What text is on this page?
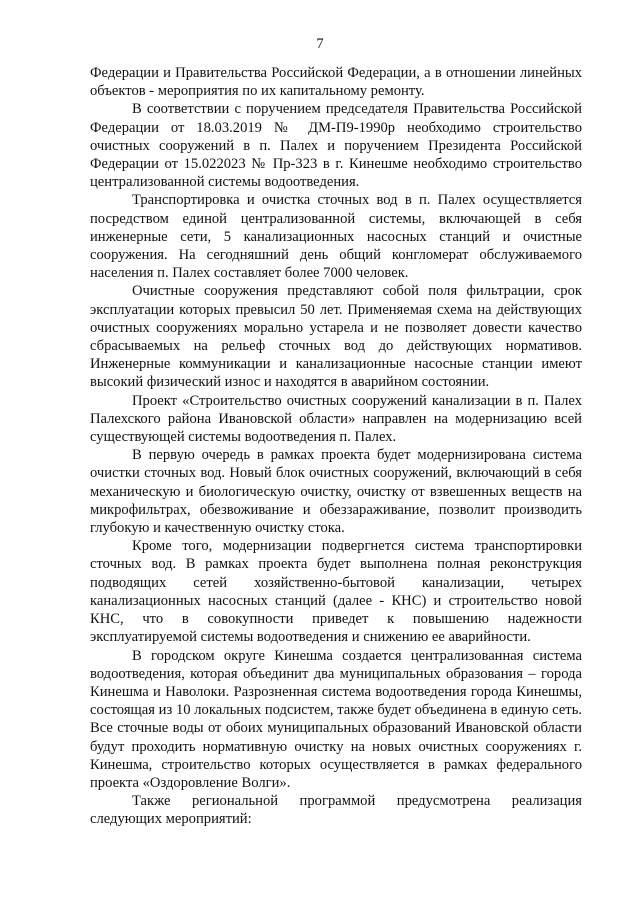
7

Федерации и Правительства Российской Федерации, а в отношении линейных объектов - мероприятия по их капитальному ремонту.

В соответствии с поручением председателя Правительства Российской Федерации от 18.03.2019 № ДМ-П9-1990р необходимо строительство очистных сооружений в п. Палех и поручением Президента Российской Федерации от 15.022023 № Пр-323 в г. Кинешме необходимо строительство централизованной системы водоотведения.

Транспортировка и очистка сточных вод в п. Палех осуществляется посредством единой централизованной системы, включающей в себя инженерные сети, 5 канализационных насосных станций и очистные сооружения. На сегодняшний день общий конгломерат обслуживаемого населения п. Палех составляет более 7000 человек.

Очистные сооружения представляют собой поля фильтрации, срок эксплуатации которых превысил 50 лет. Применяемая схема на действующих очистных сооружениях морально устарела и не позволяет довести качество сбрасываемых на рельеф сточных вод до действующих нормативов. Инженерные коммуникации и канализационные насосные станции имеют высокий физический износ и находятся в аварийном состоянии.

Проект «Строительство очистных сооружений канализации в п. Палех Палехского района Ивановской области» направлен на модернизацию всей существующей системы водоотведения п. Палех.

В первую очередь в рамках проекта будет модернизирована система очистки сточных вод. Новый блок очистных сооружений, включающий в себя механическую и биологическую очистку, очистку от взвешенных веществ на микрофильтрах, обезвоживание и обеззараживание, позволит производить глубокую и качественную очистку стока.

Кроме того, модернизации подвергнется система транспортировки сточных вод. В рамках проекта будет выполнена полная реконструкция подводящих сетей хозяйственно-бытовой канализации, четырех канализационных насосных станций (далее - КНС) и строительство новой КНС, что в совокупности приведет к повышению надежности эксплуатируемой системы водоотведения и снижению ее аварийности.

В городском округе Кинешма создается централизованная система водоотведения, которая объединит два муниципальных образования – города Кинешма и Наволоки. Разрозненная система водоотведения города Кинешмы, состоящая из 10 локальных подсистем, также будет объединена в единую сеть. Все сточные воды от обоих муниципальных образований Ивановской области будут проходить нормативную очистку на новых очистных сооружениях г. Кинешма, строительство которых осуществляется в рамках федерального проекта «Оздоровление Волги».

Также региональной программой предусмотрена реализация следующих мероприятий:
